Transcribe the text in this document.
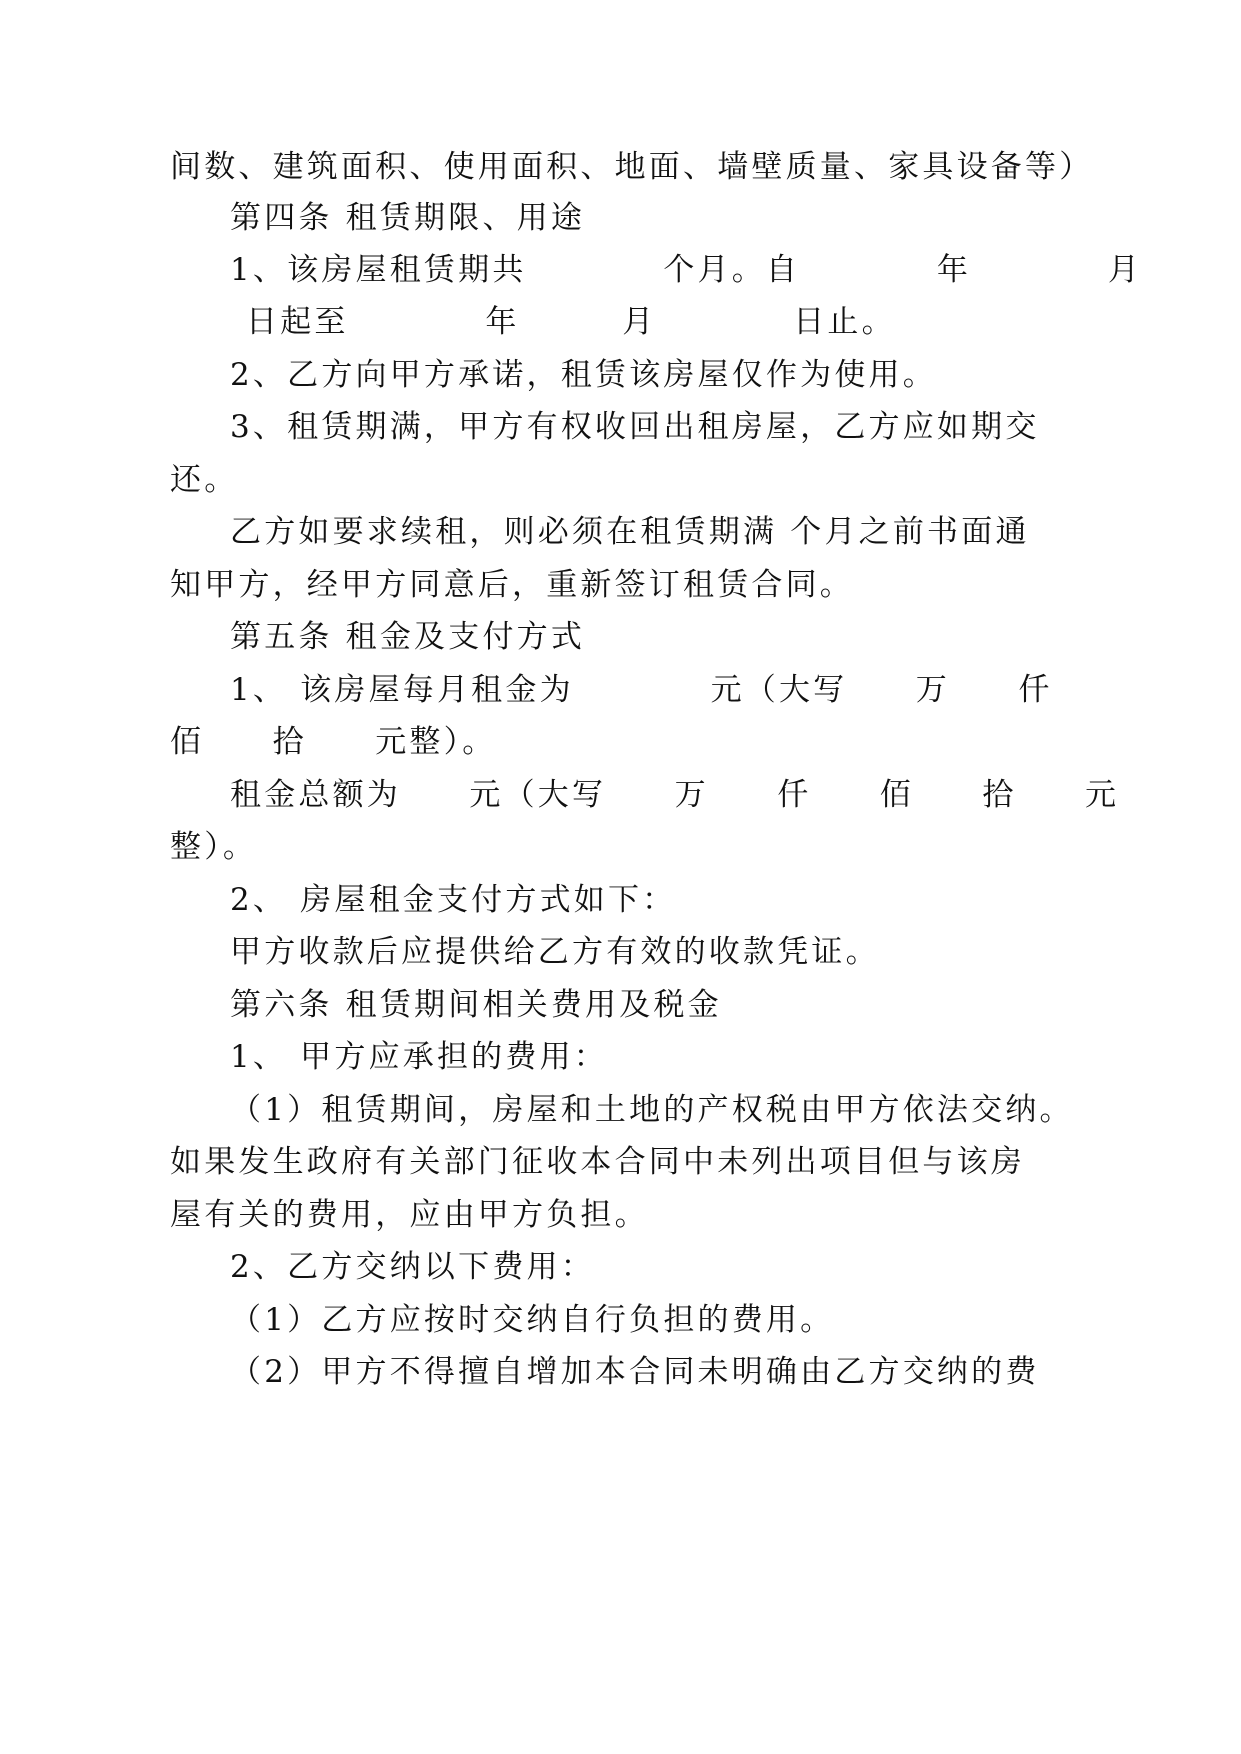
间数、建筑面积、使用面积、地面、墙壁质量、家具设备等）
第四条 租赁期限、用途
1、该房屋租赁期共　　　　个月。自　　　　年　　　　月
日起至　　　　年　　　月　　　　日止。
2、乙方向甲方承诺，租赁该房屋仅作为使用。
3、租赁期满，甲方有权收回出租房屋，乙方应如期交
还。
乙方如要求续租，则必须在租赁期满 个月之前书面通
知甲方，经甲方同意后，重新签订租赁合同。
第五条 租金及支付方式
1、 该房屋每月租金为　　　　元（大写　　万　　仟
佰　　拾　　元整）。
租金总额为　　元（大写　　万　　仟　　佰　　拾　　元
整）。
2、 房屋租金支付方式如下：
甲方收款后应提供给乙方有效的收款凭证。
第六条 租赁期间相关费用及税金
1、 甲方应承担的费用：
（1）租赁期间，房屋和土地的产权税由甲方依法交纳。
如果发生政府有关部门征收本合同中未列出项目但与该房
屋有关的费用，应由甲方负担。
2、乙方交纳以下费用：
（1）乙方应按时交纳自行负担的费用。
（2）甲方不得擅自增加本合同未明确由乙方交纳的费
